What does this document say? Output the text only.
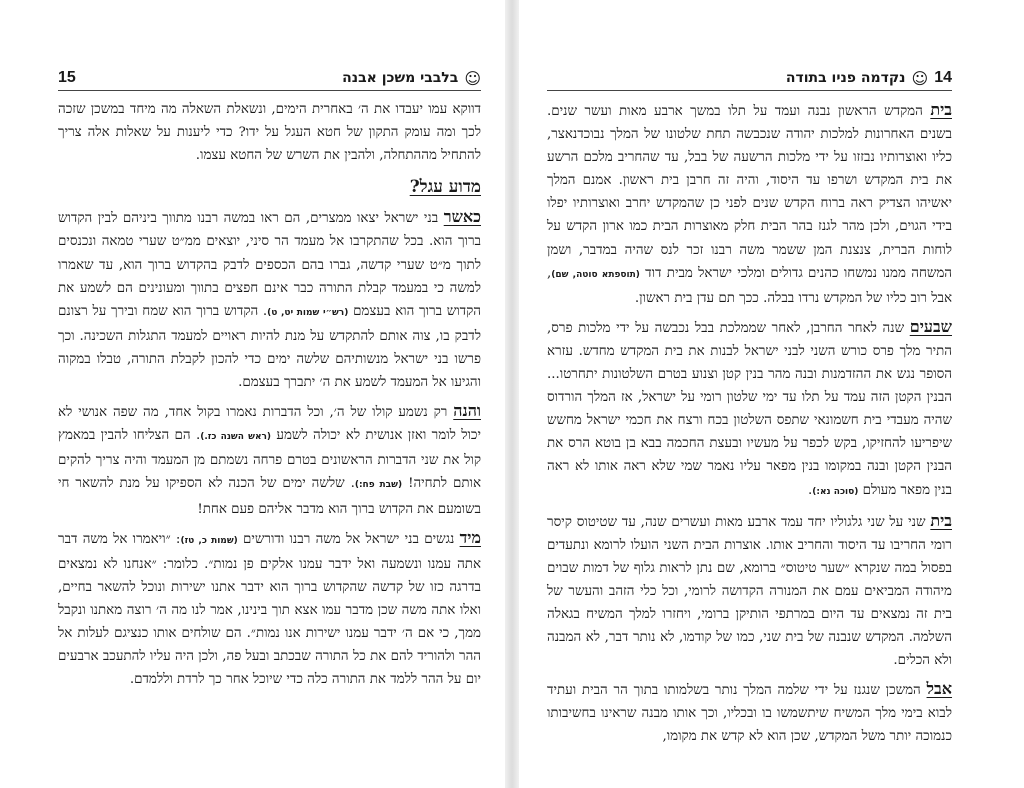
☺
בלבבי משכן אבנה
15

דווקא עמו יעבדו את ה׳ באחרית הימים, ונשאלת השאלה מה מיחד במשכן שזכה לכך ומה עומק התקון של חטא העגל על ידו? כדי ליענות על שאלות אלה צריך להתחיל מההתחלה, ולהבין את השרש של החטא עצמו.

מדוע עגל?

כאשר בני ישראל יצאו ממצרים, הם ראו במשה רבנו מתווך ביניהם לבין הקדוש ברוך הוא. בכל שהתקרבו אל מעמד הר סיני, יוצאים ממ״ט שערי טמאה ונכנסים לתוך מ״ט שערי קדשה, גברו בהם הכספים לדבק בהקדוש ברוך הוא, עד שאמרו למשה כי במעמד קבלת התורה כבר אינם חפצים בתווך ומעונינים הם לשמע את הקדוש ברוך הוא בעצמם (רש״י שמות יט, ט). הקדוש ברוך הוא שמח ובירך על רצונם לדבק בו, צוה אותם להתקדש על מנת להיות ראויים למעמד התגלות השכינה. וכך פרשו בני ישראל מנשותיהם שלשה ימים כדי להכון לקבלת התורה, טבלו במקוה והגיעו אל המעמד לשמע את ה׳ יתברך בעצמם.

והנה רק נשמע קולו של ה׳, וכל הדברות נאמרו בקול אחד, מה שפה אנושי לא יכול לומר ואזן אנושית לא יכולה לשמע (ראש השנה כז.). הם הצליחו להבין במאמץ קול את שני הדברות הראשונים בטרם פרחה נשמתם מן המעמד והיה צריך להקים אותם לתחיה! (שבת פח:). שלשה ימים של הכנה לא הספיקו על מנת להשאר חי בשומעם את הקדוש ברוך הוא מדבר אליהם פעם אחת!

מיד נגשים בני ישראל אל משה רבנו ודורשים (שמות כ, טז): ״ויאמרו אל משה דבר אתה עמנו ונשמעה ואל ידבר עמנו אלקים פן נמות״. כלומר: ״אנחנו לא נמצאים בדרגה כזו של קדשה שהקדוש ברוך הוא ידבר אתנו ישירות ונוכל להשאר בחיים, ואלו אתה משה שכן מדבר עמו אצא תוך בינינו, אמר לנו מה ה׳ רוצה מאתנו ונקבל ממך, כי אם ה׳ ידבר עמנו ישירות אנו נמות״. הם שולחים אותו כנציגם לעלות אל ההר ולהוריד להם את כל התורה שבכתב ובעל פה, ולכן היה עליו להתעכב ארבעים יום על ההר ללמד את התורה כלה כדי שיוכל אחר כך לרדת וללמדם.

14
☺
נקדמה פניו בתודה

בית המקדש הראשון נבנה ועמד על תלו במשך ארבע מאות ועשר שנים. בשנים האחרונות למלכות יהודה שנכבשה תחת שלטונו של המלך נבוכדנאצר, כליו ואוצרותיו נבזזו על ידי מלכות הרשעה של בבל, עד שהחריב מלכם הרשע את בית המקדש ושרפו עד היסוד, והיה זה חרבן בית ראשון. אמנם המלך יאשיהו הצדיק ראה ברוח הקדש שנים לפני כן שהמקדש יחרב ואוצרותיו יפלו בידי הגוים, ולכן מהר לגנז בהר הבית חלק מאוצרות הבית כמו ארון הקדש על לוחות הברית, צנצנת המן ששמר משה רבנו זכר לנס שהיה במדבר, ושמן המשחה ממנו נמשחו כהנים גדולים ומלכי ישראל מבית דוד (תוספתא סוטה, שם), אבל רוב כליו של המקדש נרדו בבלה. ככך תם עדן בית ראשון.

שבעים שנה לאחר החרבן, לאחר שממלכת בבל נכבשה על ידי מלכות פרס, התיר מלך פרס כורש השני לבני ישראל לבנות את בית המקדש מחדש. עזרא הסופר נגש את ההזדמנות ובנה מהר בנין קטן וצנוע בטרם השלטונות יתחרטו... הבנין הקטן הזה עמד על תלו עד ימי שלטון רומי על ישראל, אז המלך הורדוס שהיה מעבדי בית חשמונאי שתפס השלטון בכח ורצח את חכמי ישראל מחשש שיפריעו להחזיקו, בקש לכפר על מעשיו ובעצת החכמה בבא בן בוטא הרס את הבנין הקטן ובנה במקומו בנין מפאר עליו נאמר שמי שלא ראה אותו לא ראה בנין מפאר מעולם (סוכה נא:).

בית שני על שני גלגוליו יחד עמד ארבע מאות ועשרים שנה, עד שטיטוס קיסר רומי החריבו עד היסוד והחריב אותו. אוצרות הבית השני הועלו לרומא ונתעדים בפסול במה שנקרא ״שער טיטוס״ ברומא, שם נתן לראות גלוף של דמות שבוים מיהודה המביאים עמם את המנורה הקדושה לרומי, וכל כלי הזהב והעשר של בית זה נמצאים עד היום במרתפי הותיקן ברומי, ויחזרו למלך המשיח בגאלה השלמה. המקדש שנבנה של בית שני, כמו של קודמו, לא נותר דבר, לא המבנה ולא הכלים.

אבל המשכן שנגנז על ידי שלמה המלך נותר בשלמותו בתוך הר הבית ועתיד לבוא בימי מלך המשיח שיתשמשו בו ובכליו, וכך אותו מבנה שראינו בחשיבותו כנמוכה יותר משל המקדש, שכן הוא לא קדש את מקומו,
